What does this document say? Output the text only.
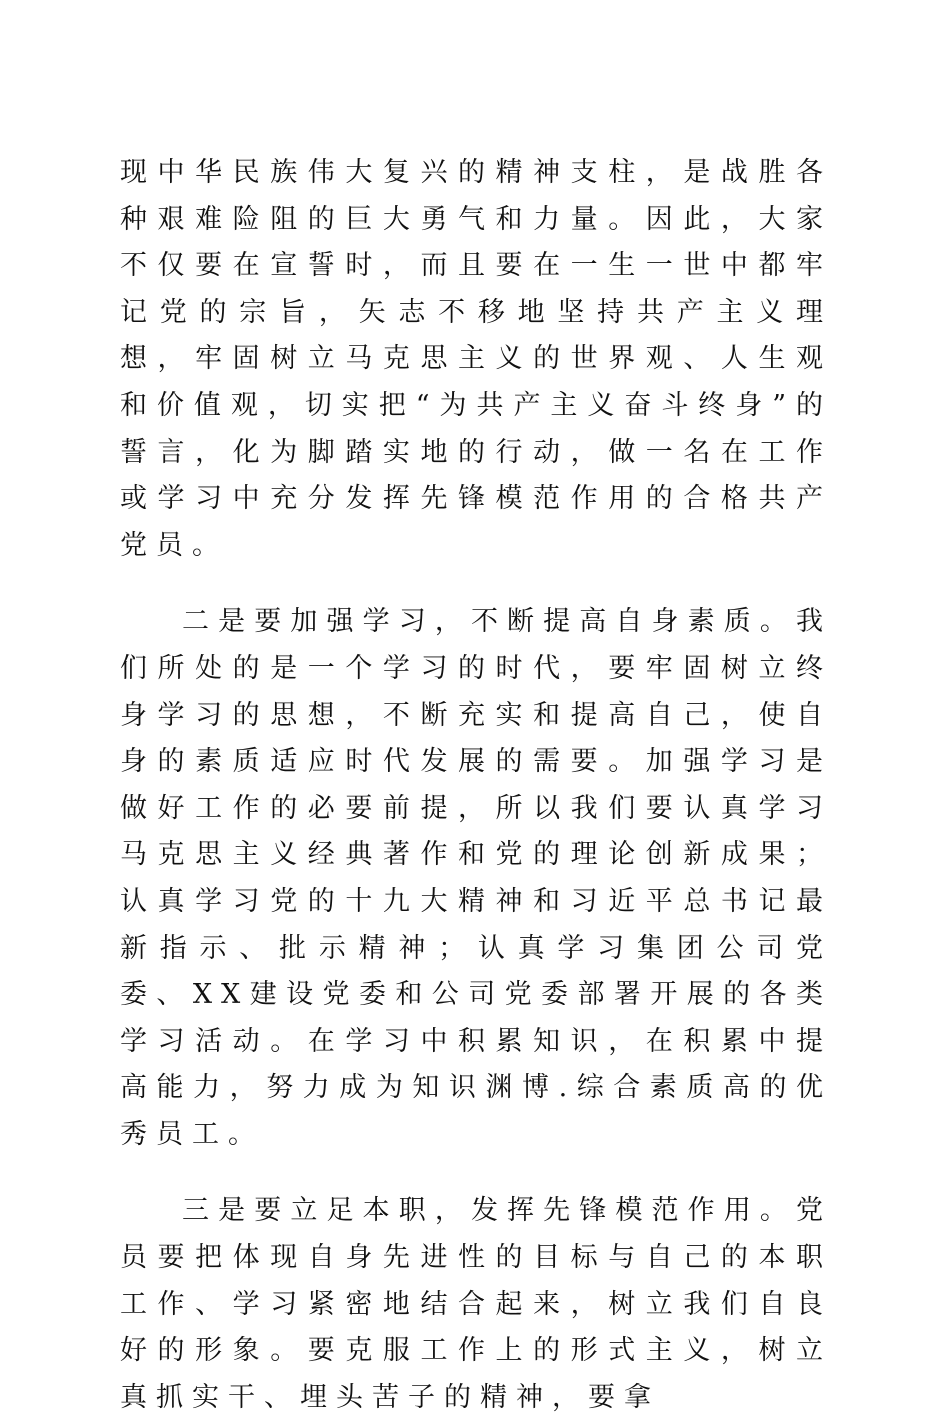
现中华民族伟大复兴的精神支柱，是战胜各种艰难险阻的巨大勇气和力量。因此，大家不仅要在宣誓时，而且要在一生一世中都牢记党的宗旨，矢志不移地坚持共产主义理想，牢固树立马克思主义的世界观、人生观和价值观，切实把“为共产主义奋斗终身”的誓言，化为脚踏实地的行动，做一名在工作或学习中充分发挥先锋模范作用的合格共产党员。

二是要加强学习，不断提高自身素质。我们所处的是一个学习的时代，要牢固树立终身学习的思想，不断充实和提高自己，使自身的素质适应时代发展的需要。加强学习是做好工作的必要前提，所以我们要认真学习马克思主义经典著作和党的理论创新成果；认真学习党的十九大精神和习近平总书记最新指示、批示精神；认真学习集团公司党委、XX建设党委和公司党委部署开展的各类学习活动。在学习中积累知识，在积累中提高能力，努力成为知识渊博.综合素质高的优秀员工。

三是要立足本职，发挥先锋模范作用。党员要把体现自身先进性的目标与自己的本职工作、学习紧密地结合起来，树立我们自良好的形象。要克服工作上的形式主义，树立真抓实干、埋头苦子的精神，要拿
